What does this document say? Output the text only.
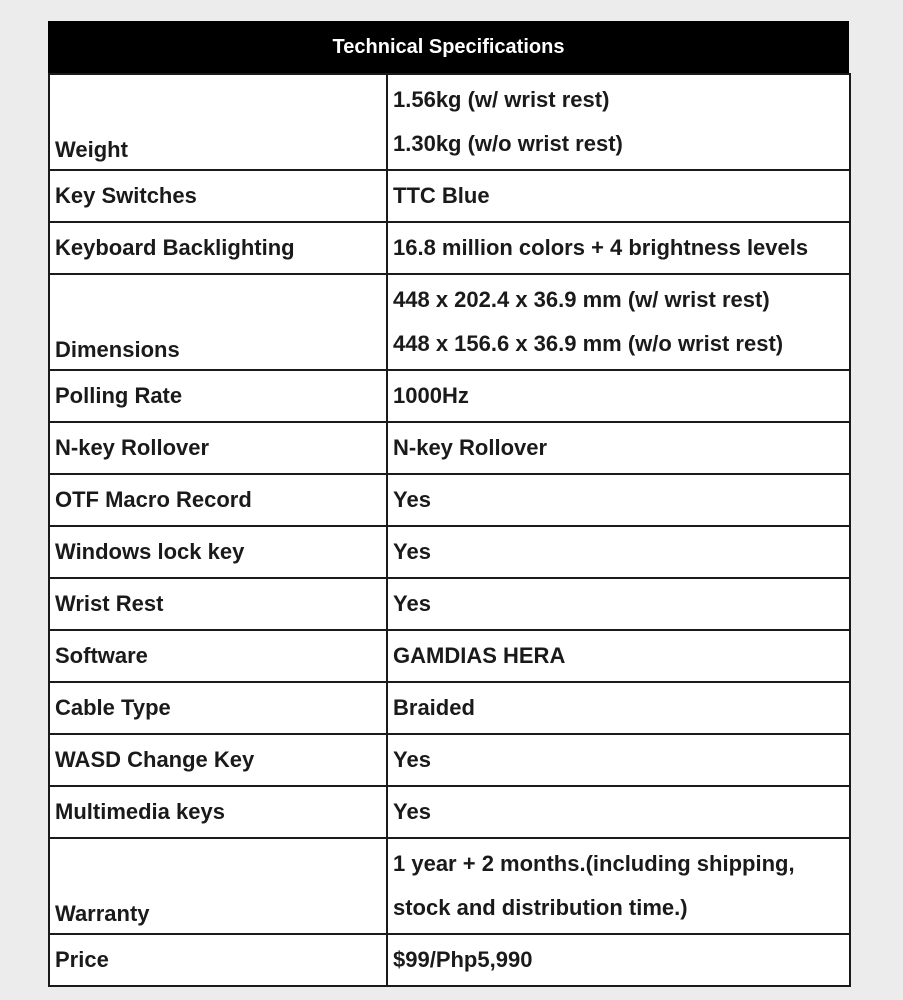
Technical Specifications
Weight	1.56kg (w/ wrist rest)
1.30kg (w/o wrist rest)

Key Switches	TTC Blue

Keyboard Backlighting	16.8 million colors + 4 brightness levels

Dimensions	448 x 202.4 x 36.9 mm (w/ wrist rest)
448 x 156.6 x 36.9 mm (w/o wrist rest)

Polling Rate	1000Hz

N-key Rollover	N-key Rollover

OTF Macro Record	Yes

Windows lock key	Yes

Wrist Rest	Yes

Software	GAMDIAS HERA

Cable Type	Braided

WASD Change Key	Yes

Multimedia keys	Yes

Warranty	1 year + 2 months.(including shipping,
stock and distribution time.)

Price	$99/Php5,990
